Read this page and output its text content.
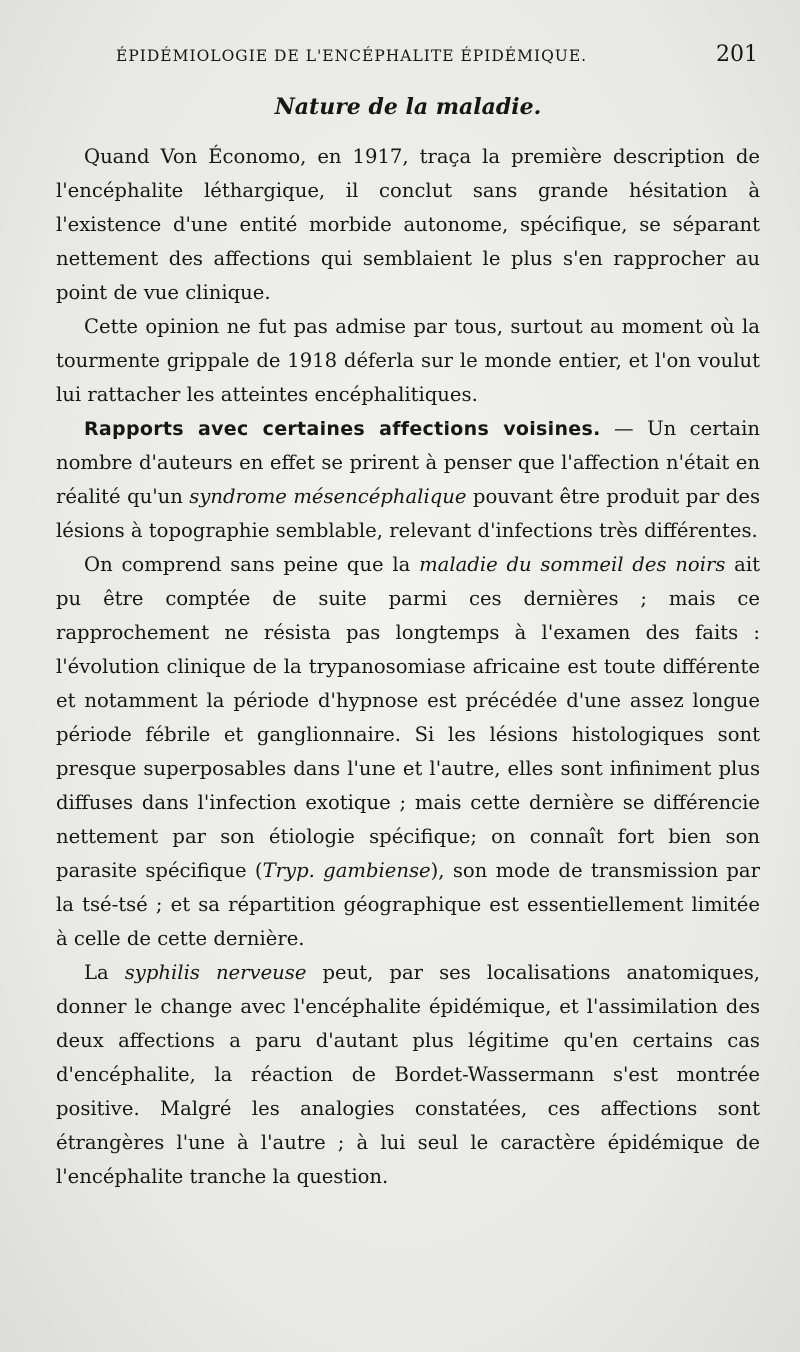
ÉPIDÉMIOLOGIE DE L'ENCÉPHALITE ÉPIDÉMIQUE.	201
Nature de la maladie.

Quand Von Économo, en 1917, traça la première description de l'encéphalite léthargique, il conclut sans grande hésitation à l'existence d'une entité morbide autonome, spécifique, se séparant nettement des affections qui semblaient le plus s'en rapprocher au point de vue clinique.

Cette opinion ne fut pas admise par tous, surtout au moment où la tourmente grippale de 1918 déferla sur le monde entier, et l'on voulut lui rattacher les atteintes encéphalitiques.

Rapports avec certaines affections voisines. — Un certain nombre d'auteurs en effet se prirent à penser que l'affection n'était en réalité qu'un syndrome mésencéphalique pouvant être produit par des lésions à topographie semblable, relevant d'infections très différentes.

On comprend sans peine que la maladie du sommeil des noirs ait pu être comptée de suite parmi ces dernières ; mais ce rapprochement ne résista pas longtemps à l'examen des faits : l'évolution clinique de la trypanosomiase africaine est toute différente et notamment la période d'hypnose est précédée d'une assez longue période fébrile et ganglionnaire. Si les lésions histologiques sont presque superposables dans l'une et l'autre, elles sont infiniment plus diffuses dans l'infection exotique ; mais cette dernière se différencie nettement par son étiologie spécifique; on connaît fort bien son parasite spécifique (Tryp. gambiense), son mode de transmission par la tsé-tsé ; et sa répartition géographique est essentiellement limitée à celle de cette dernière.

La syphilis nerveuse peut, par ses localisations anatomiques, donner le change avec l'encéphalite épidémique, et l'assimilation des deux affections a paru d'autant plus légitime qu'en certains cas d'encéphalite, la réaction de Bordet-Wassermann s'est montrée positive. Malgré les analogies constatées, ces affections sont étrangères l'une à l'autre ; à lui seul le caractère épidémique de l'encéphalite tranche la question.
